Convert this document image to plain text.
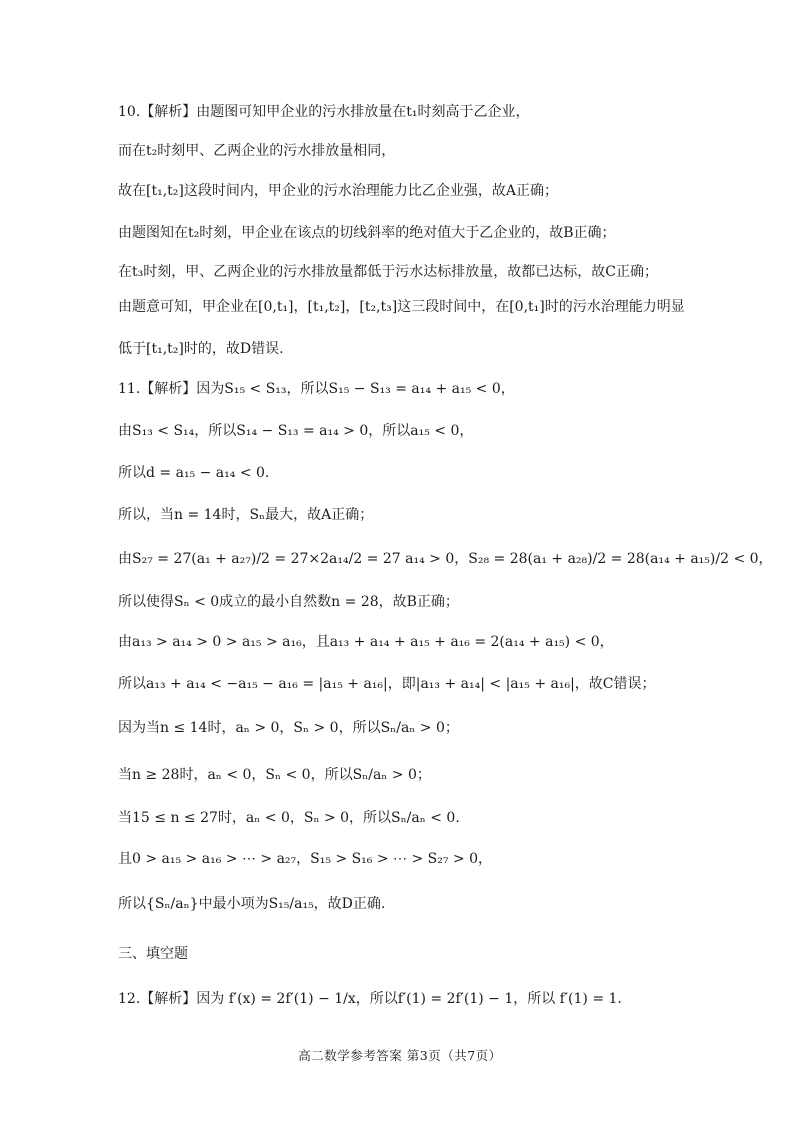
10.【解析】由题图可知甲企业的污水排放量在t₁时刻高于乙企业，
而在t₂时刻甲、乙两企业的污水排放量相同，
故在[t₁,t₂]这段时间内，甲企业的污水治理能力比乙企业强，故A正确；
由题图知在t₂时刻，甲企业在该点的切线斜率的绝对值大于乙企业的，故B正确；
在t₃时刻，甲、乙两企业的污水排放量都低于污水达标排放量，故都已达标，故C正确；
由题意可知，甲企业在[0,t₁]，[t₁,t₂]，[t₂,t₃]这三段时间中，在[0,t₁]时的污水治理能力明显
低于[t₁,t₂]时的，故D错误.
11.【解析】因为S₁₅ < S₁₃，所以S₁₅ − S₁₃ = a₁₄ + a₁₅ < 0，
由S₁₃ < S₁₄，所以S₁₄ − S₁₃ = a₁₄ > 0，所以a₁₅ < 0，
所以d = a₁₅ − a₁₄ < 0.
所以，当n = 14时，Sₙ最大，故A正确；
由S₂₇ = 27(a₁ + a₂₇)/2 = 27×2a₁₄/2 = 27 a₁₄ > 0，S₂₈ = 28(a₁ + a₂₈)/2 = 28(a₁₄ + a₁₅)/2 < 0，
所以使得Sₙ < 0成立的最小自然数n = 28，故B正确；
由a₁₃ > a₁₄ > 0 > a₁₅ > a₁₆，且a₁₃ + a₁₄ + a₁₅ + a₁₆ = 2(a₁₄ + a₁₅) < 0，
所以a₁₃ + a₁₄ < −a₁₅ − a₁₆ = |a₁₅ + a₁₆|，即|a₁₃ + a₁₄| < |a₁₅ + a₁₆|，故C错误；
因为当n ≤ 14时，aₙ > 0，Sₙ > 0，所以Sₙ/aₙ > 0；
当n ≥ 28时，aₙ < 0，Sₙ < 0，所以Sₙ/aₙ > 0；
当15 ≤ n ≤ 27时，aₙ < 0，Sₙ > 0，所以Sₙ/aₙ < 0.
且0 > a₁₅ > a₁₆ > ⋯ > a₂₇，S₁₅ > S₁₆ > ⋯ > S₂₇ > 0，
所以{Sₙ/aₙ}中最小项为S₁₅/a₁₅，故D正确.
三、填空题
12.【解析】因为 f′(x) = 2f′(1) − 1/x，所以f′(1) = 2f′(1) − 1，所以 f′(1) = 1.
高二数学参考答案 第3页（共7页）
